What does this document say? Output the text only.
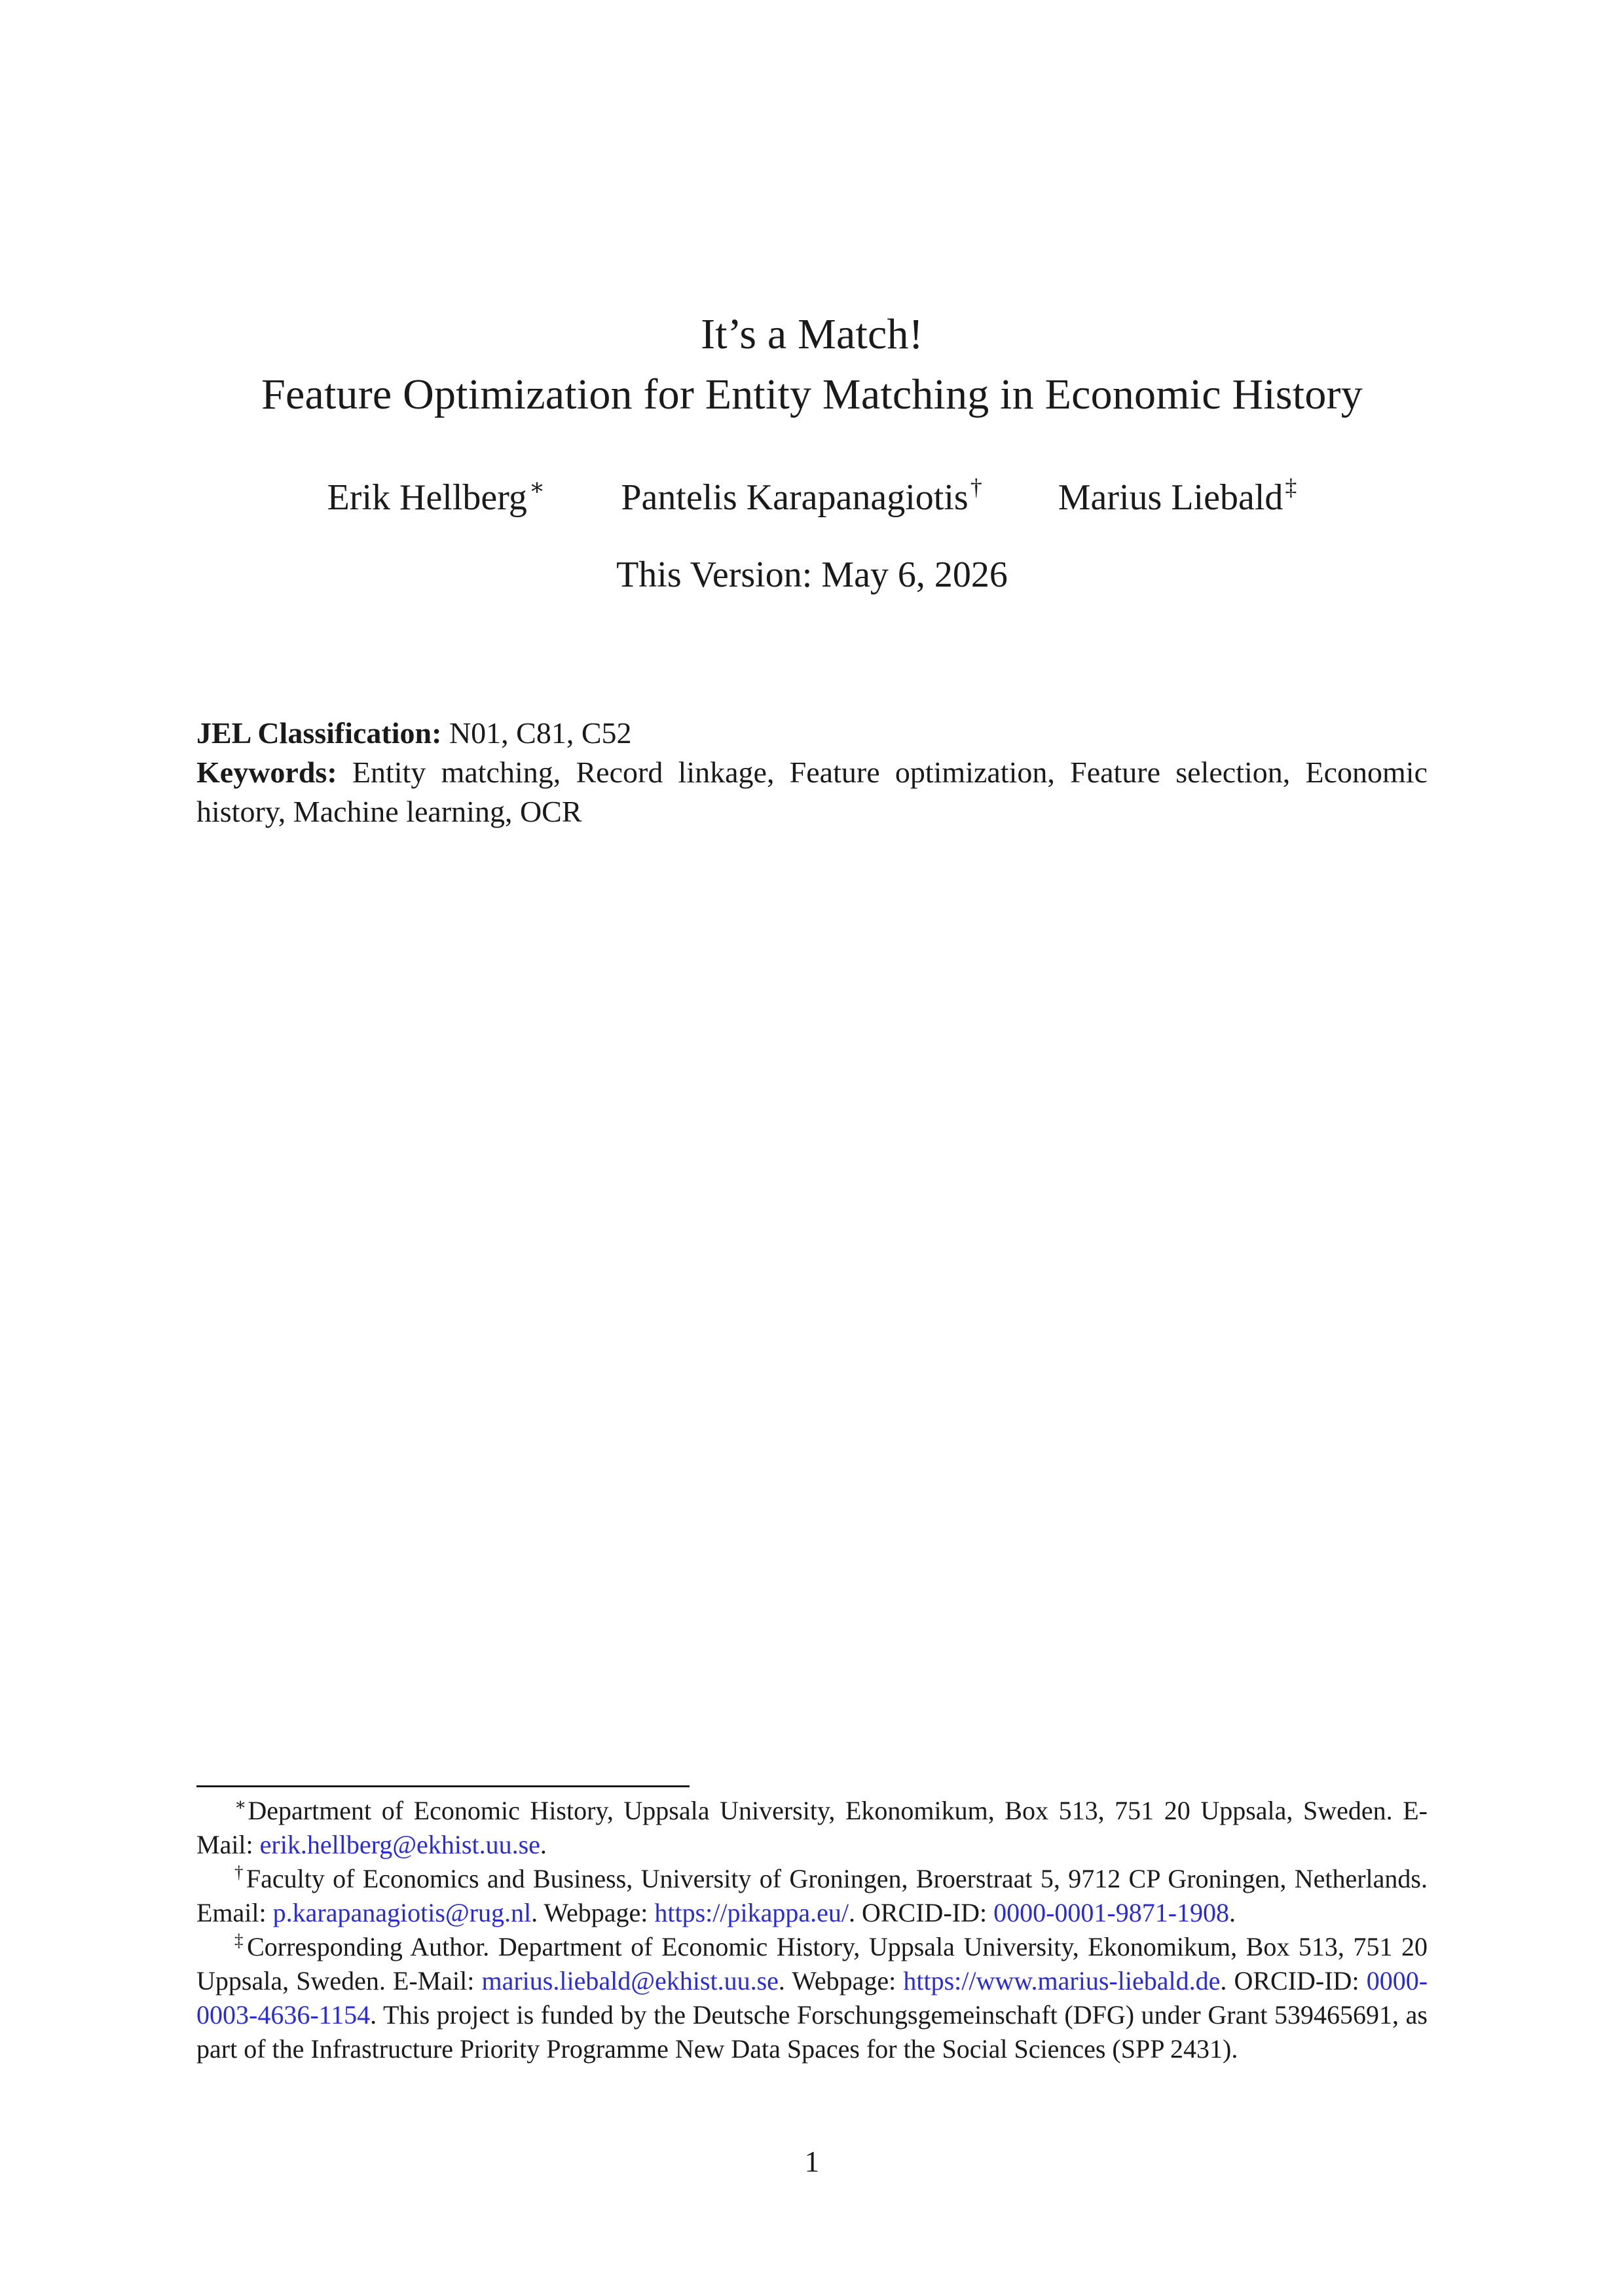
It’s a Match!
Feature Optimization for Entity Matching in Economic History
Erik Hellberg∗ Pantelis Karapanagiotis† Marius Liebald‡
This Version: May 6, 2026

JEL Classification: N01, C81, C52

Keywords: Entity matching, Record linkage, Feature optimization, Feature selection, Economic history, Machine learning, OCR

∗Department of Economic History, Uppsala University, Ekonomikum, Box 513, 751 20 Uppsala, Sweden. E-Mail: erik.hellberg@ekhist.uu.se.

†Faculty of Economics and Business, University of Groningen, Broerstraat 5, 9712 CP Groningen, Netherlands. Email: p.karapanagiotis@rug.nl. Webpage: https://pikappa.eu/. ORCID-ID: 0000-0001-9871-1908.

‡Corresponding Author. Department of Economic History, Uppsala University, Ekonomikum, Box 513, 751 20 Uppsala, Sweden. E-Mail: marius.liebald@ekhist.uu.se. Webpage: https://www.marius-liebald.de. ORCID-ID: 0000-0003-4636-1154. This project is funded by the Deutsche Forschungsgemeinschaft (DFG) under Grant 539465691, as part of the Infrastructure Priority Programme New Data Spaces for the Social Sciences (SPP 2431).

1
